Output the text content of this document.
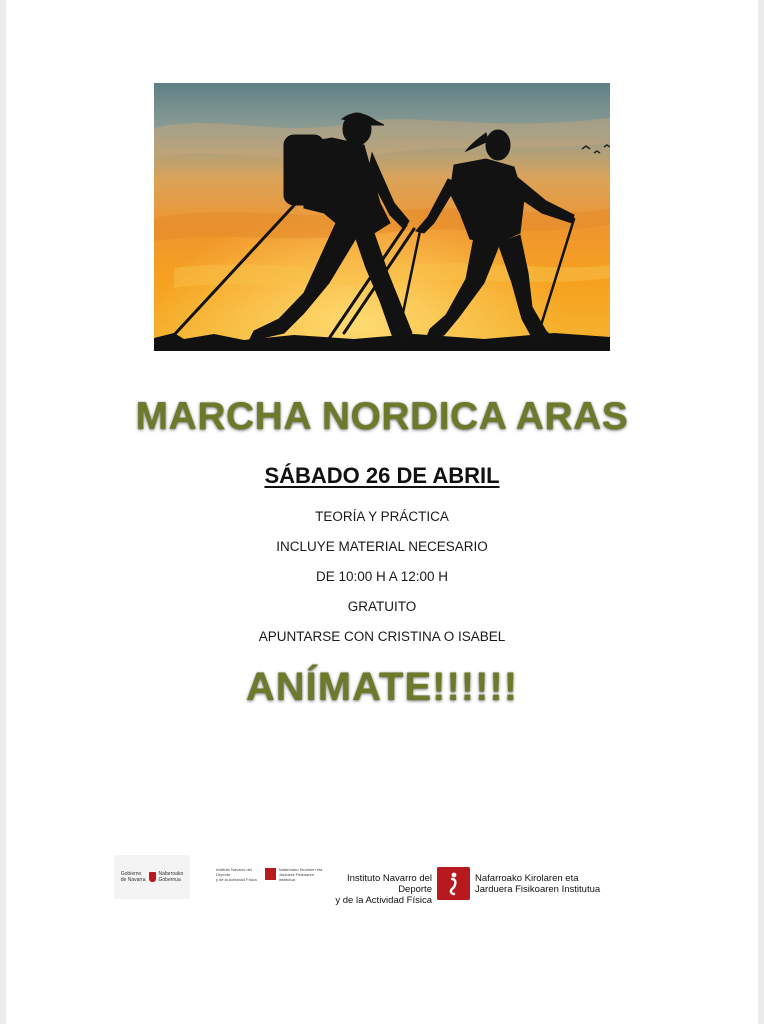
MARCHA NORDICA ARAS
SÁBADO 26 DE ABRIL
TEORÍA Y PRÁCTICA
INCLUYE MATERIAL NECESARIO
DE 10:00 H A 12:00 H
GRATUITO
APUNTARSE CON CRISTINA O ISABEL
ANÍMATE!!!!!!
Gobierno
de Navarra
Nafarroako
Gobernua
Instituto Navarro del Deporte
y de la Actividad Física
Nafarroako Kirolaren eta
Jarduera Fisikoaren Institutua	Instituto Navarro del Deporte
y de la Actividad Física
Nafarroako Kirolaren eta
Jarduera Fisikoaren Institutua
